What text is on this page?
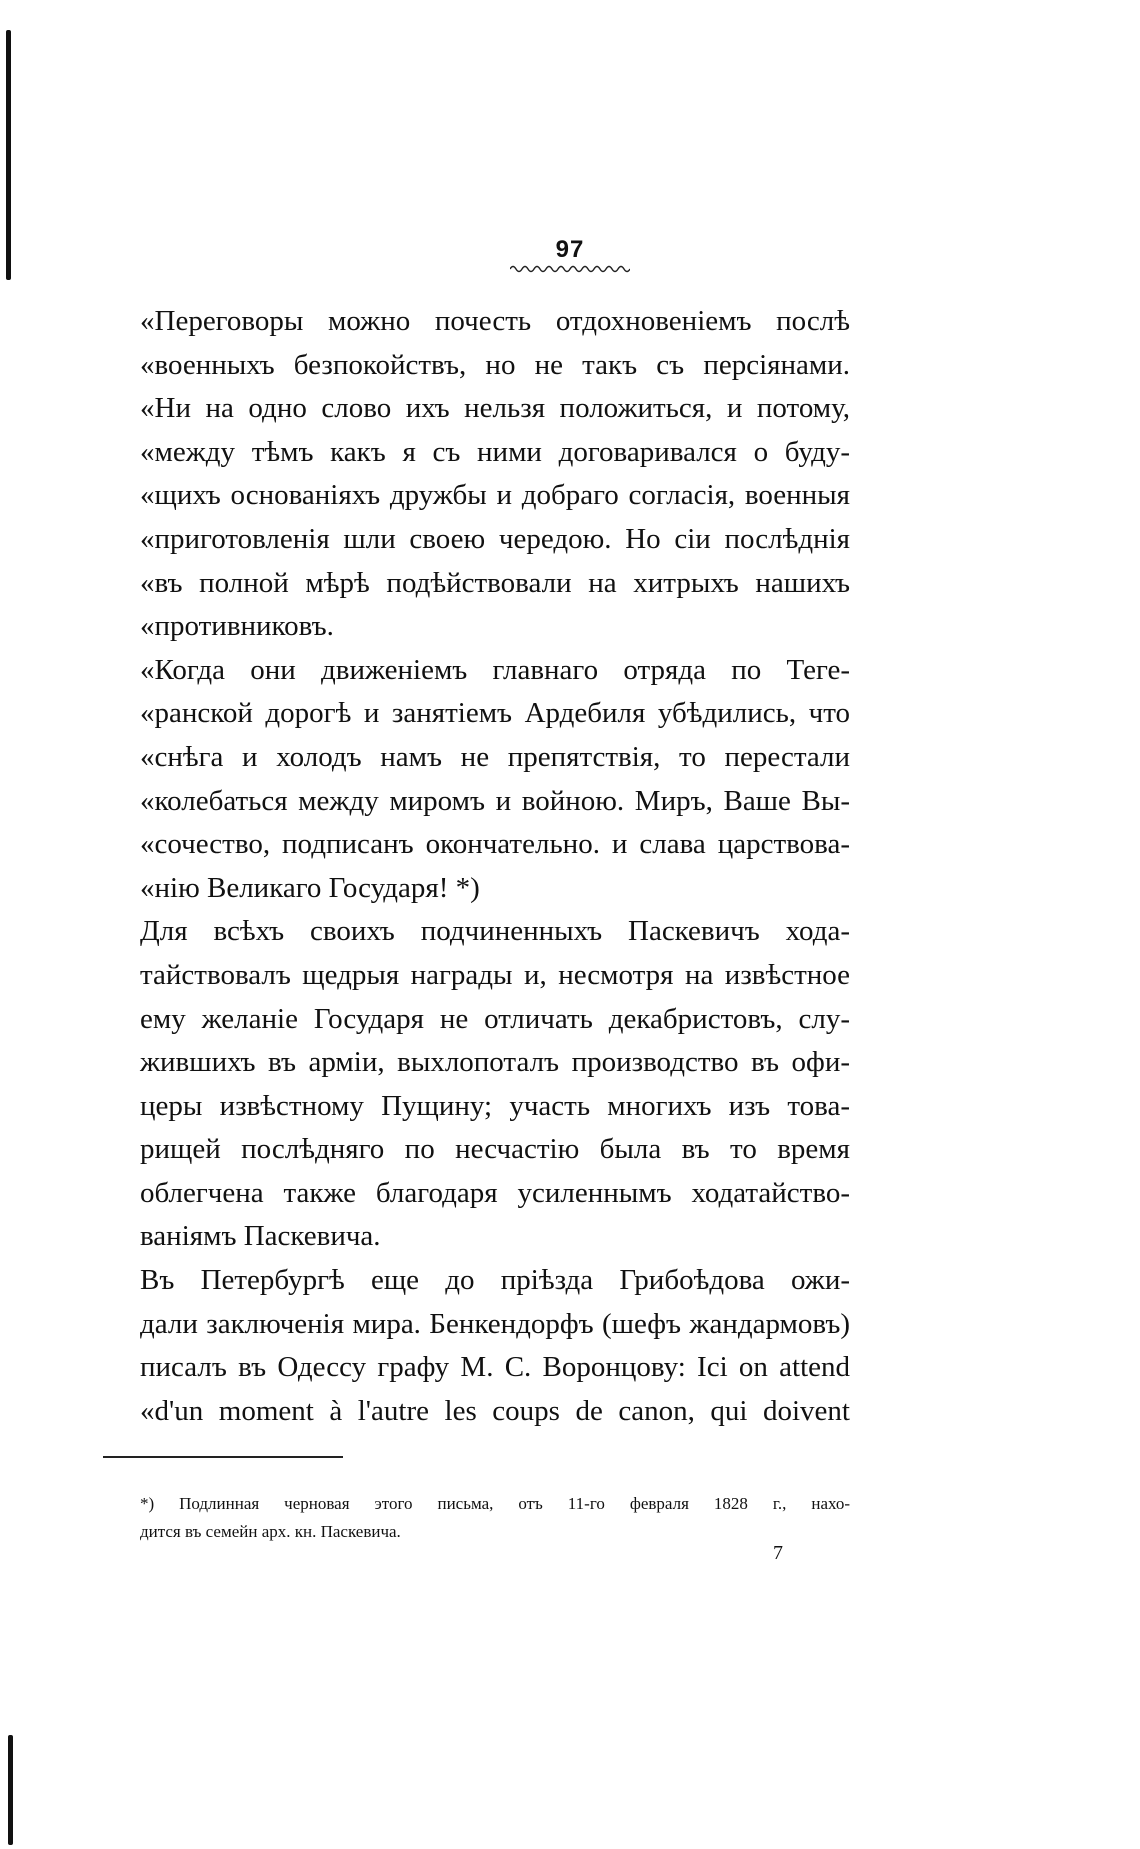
97
«Переговоры можно почесть отдохновеніемъ послѣ
«военныхъ безпокойствъ, но не такъ съ персіянами.
«Ни на одно слово ихъ нельзя положиться, и потому,
«между тѣмъ какъ я съ ними договаривался о буду-
«щихъ основаніяхъ дружбы и добраго согласія, военныя
«приготовленія шли своею чередою. Но сіи послѣднія
«въ полной мѣрѣ подѣйствовали на хитрыхъ нашихъ
«противниковъ.
«Когда они движеніемъ главнаго отряда по Теге-
«ранской дорогѣ и занятіемъ Ардебиля убѣдились, что
«снѣга и холодъ намъ не препятствія, то перестали
«колебаться между миромъ и войною. Миръ, Ваше Вы-
«сочество, подписанъ окончательно. и слава царствова-
«нію Великаго Государя! *)
Для всѣхъ своихъ подчиненныхъ Паскевичъ хода-
тайствовалъ щедрыя награды и, несмотря на извѣстное
ему желаніе Государя не отличать декабристовъ, слу-
жившихъ въ арміи, выхлопоталъ производство въ офи-
церы извѣстному Пущину; участь многихъ изъ това-
рищей послѣдняго по несчастію была въ то время
облегчена также благодаря усиленнымъ ходатайство-
ваніямъ Паскевича.
Въ Петербургѣ еще до пріѣзда Грибоѣдова ожи-
дали заключенія мира. Бенкендорфъ (шефъ жандармовъ)
писалъ въ Одессу графу М. С. Воронцову: Ici on attend
«d'un moment à l'autre les coups de canon, qui doivent
*) Подлинная черновая этого письма, отъ 11-го февраля 1828 г., нахо-
дится въ семейн арх. кн. Паскевича.
7
